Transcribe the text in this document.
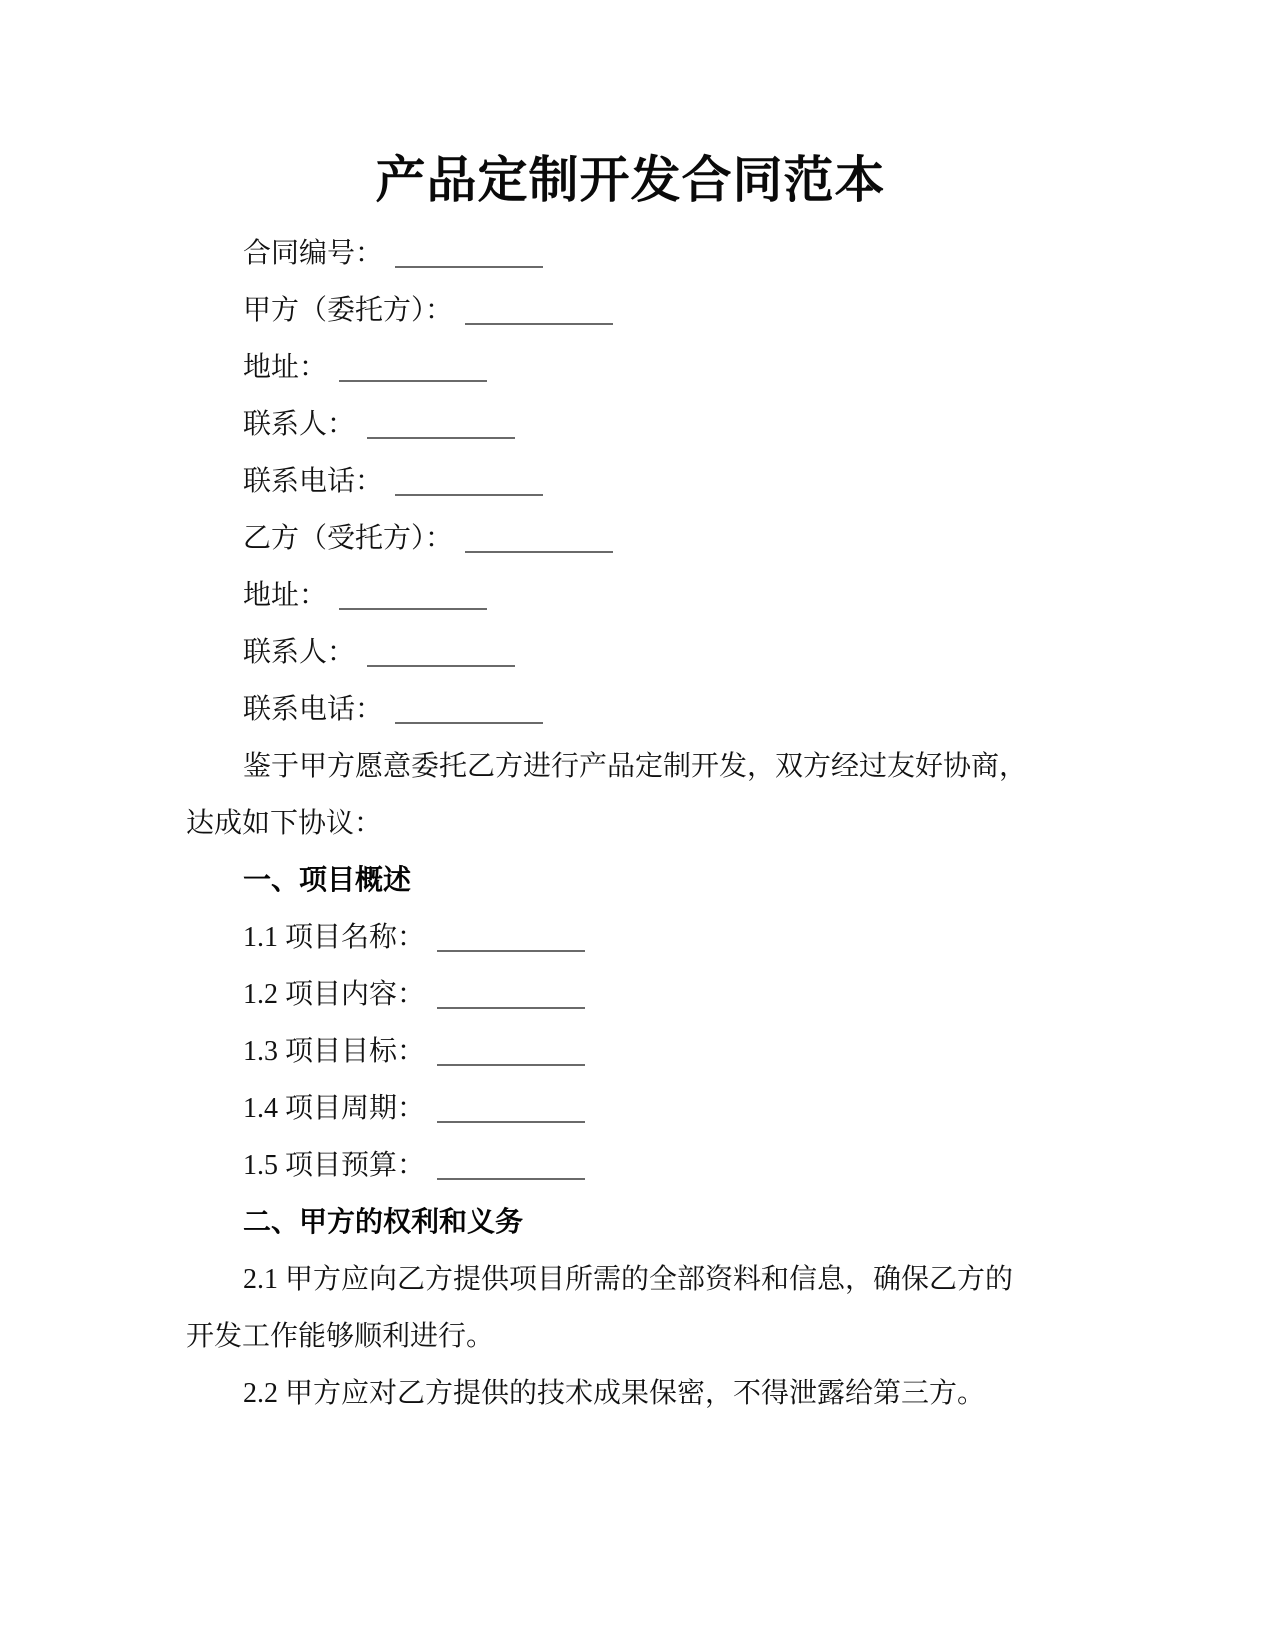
产品定制开发合同范本
合同编号：
甲方（委托方）：
地址：
联系人：
联系电话：
乙方（受托方）：
地址：
联系人：
联系电话：
鉴于甲方愿意委托乙方进行产品定制开发，双方经过友好协商，
达成如下协议：
一、项目概述
1.1 项目名称：
1.2 项目内容：
1.3 项目目标：
1.4 项目周期：
1.5 项目预算：
二、甲方的权利和义务
2.1 甲方应向乙方提供项目所需的全部资料和信息，确保乙方的
开发工作能够顺利进行。
2.2 甲方应对乙方提供的技术成果保密，不得泄露给第三方。
